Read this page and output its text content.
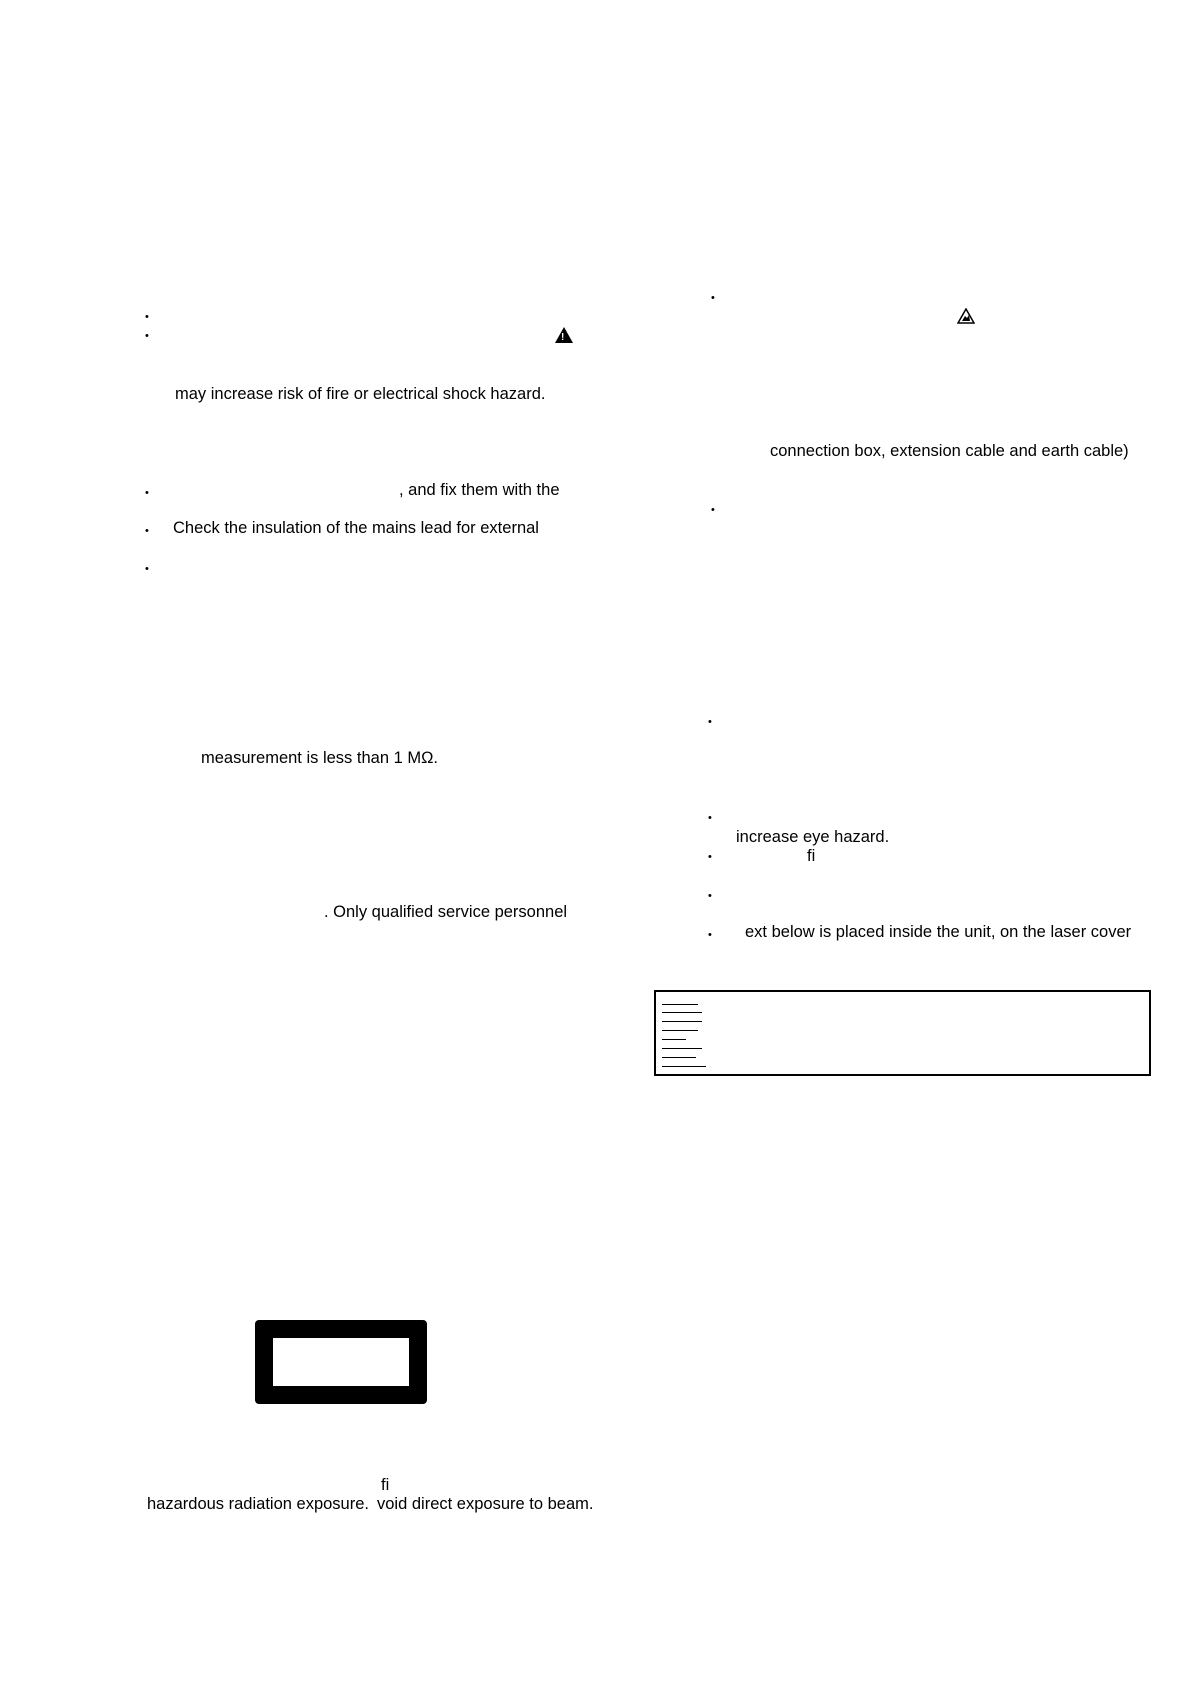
•
•	!
may increase risk of fire or electrical shock hazard.
•	, and fix them with the
• Check the insulation of the mains lead for external
•
measurement is less than 1 MΩ.
. Only qualified service personnel
fi
hazardous radiation exposure. void direct exposure to beam.
•
connection box, extension cable and earth cable)
•
•
•
increase eye hazard.
•	fi
•
• ext below is placed inside the unit, on the laser cover
